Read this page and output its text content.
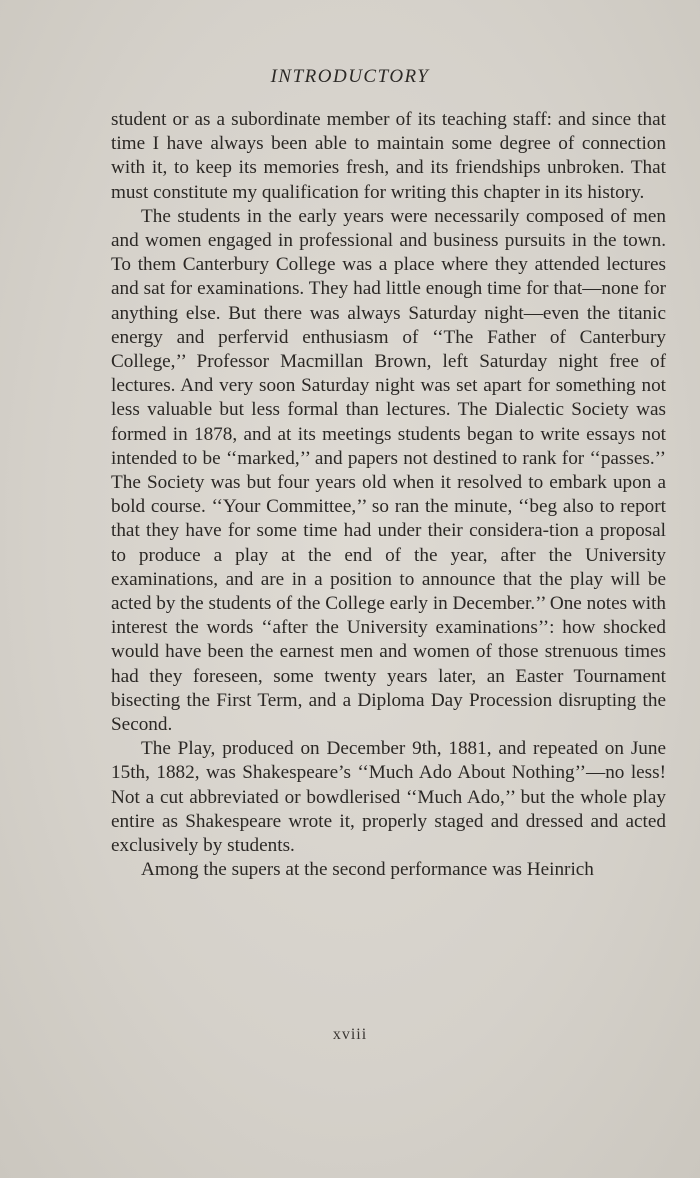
INTRODUCTORY

student or as a subordinate member of its teaching staff: and since that time I have always been able to maintain some degree of connection with it, to keep its memories fresh, and its friendships unbroken. That must constitute my qualification for writing this chapter in its history.

The students in the early years were necessarily composed of men and women engaged in professional and business pursuits in the town. To them Canterbury College was a place where they attended lectures and sat for examinations. They had little enough time for that—none for anything else. But there was always Saturday night—even the titanic energy and perfervid enthusiasm of ‘‘The Father of Canterbury College,’’ Professor Macmillan Brown, left Saturday night free of lectures. And very soon Saturday night was set apart for something not less valuable but less formal than lectures. The Dialectic Society was formed in 1878, and at its meetings students began to write essays not intended to be ‘‘marked,’’ and papers not destined to rank for ‘‘passes.’’ The Society was but four years old when it resolved to embark upon a bold course. ‘‘Your Committee,’’ so ran the minute, ‘‘beg also to report that they have for some time had under their considera-tion a proposal to produce a play at the end of the year, after the University examinations, and are in a position to announce that the play will be acted by the students of the College early in December.’’ One notes with interest the words ‘‘after the University examinations’’: how shocked would have been the earnest men and women of those strenuous times had they foreseen, some twenty years later, an Easter Tournament bisecting the First Term, and a Diploma Day Procession disrupting the Second.

The Play, produced on December 9th, 1881, and repeated on June 15th, 1882, was Shakespeare’s ‘‘Much Ado About Nothing’’—no less! Not a cut abbreviated or bowdlerised ‘‘Much Ado,’’ but the whole play entire as Shakespeare wrote it, properly staged and dressed and acted exclusively by students.

Among the supers at the second performance was Heinrich

xviii
